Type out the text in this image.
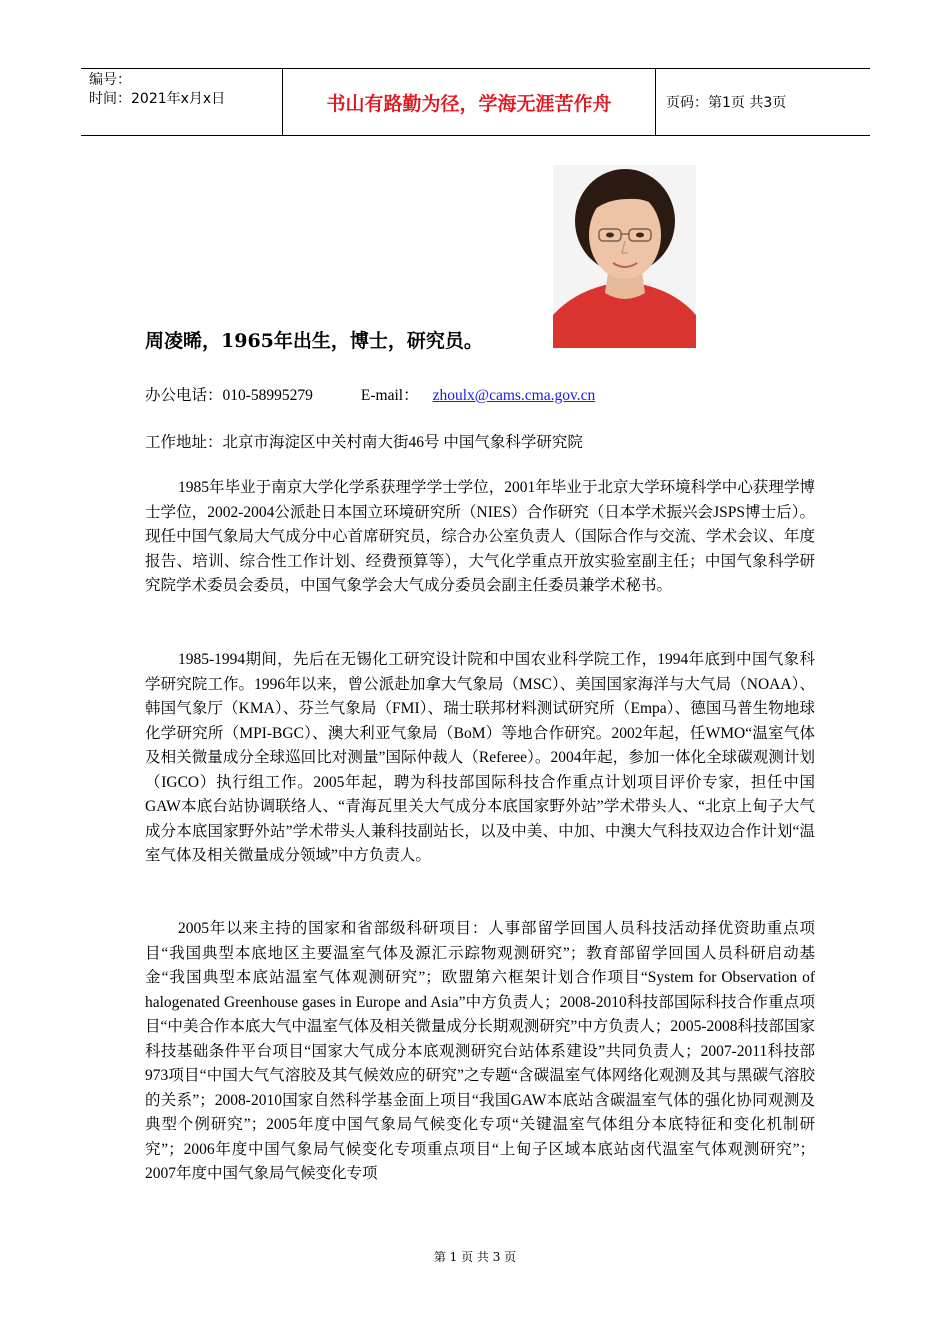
编号：
时间：2021年x月x日	书山有路勤为径，学海无涯苦作舟	页码：第1页 共3页
周凌晞，1965年出生，博士，研究员。
办公电话：010-58995279	E-mail： zhoulx@cams.cma.gov.cn
工作地址：北京市海淀区中关村南大街46号 中国气象科学研究院

1985年毕业于南京大学化学系获理学学士学位，2001年毕业于北京大学环境科学中心获理学博士学位，2002-2004公派赴日本国立环境研究所（NIES）合作研究（日本学术振兴会JSPS博士后）。现任中国气象局大气成分中心首席研究员，综合办公室负责人（国际合作与交流、学术会议、年度报告、培训、综合性工作计划、经费预算等），大气化学重点开放实验室副主任；中国气象科学研究院学术委员会委员，中国气象学会大气成分委员会副主任委员兼学术秘书。

1985-1994期间，先后在无锡化工研究设计院和中国农业科学院工作，1994年底到中国气象科学研究院工作。1996年以来，曾公派赴加拿大气象局（MSC）、美国国家海洋与大气局（NOAA）、韩国气象厅（KMA）、芬兰气象局（FMI）、瑞士联邦材料测试研究所（Empa）、德国马普生物地球化学研究所（MPI-BGC）、澳大利亚气象局（BoM）等地合作研究。2002年起，任WMO“温室气体及相关微量成分全球巡回比对测量”国际仲裁人（Referee）。2004年起，参加一体化全球碳观测计划（IGCO）执行组工作。2005年起，聘为科技部国际科技合作重点计划项目评价专家，担任中国GAW本底台站协调联络人、“青海瓦里关大气成分本底国家野外站”学术带头人、“北京上甸子大气成分本底国家野外站”学术带头人兼科技副站长，以及中美、中加、中澳大气科技双边合作计划“温室气体及相关微量成分领域”中方负责人。

2005年以来主持的国家和省部级科研项目：人事部留学回国人员科技活动择优资助重点项目“我国典型本底地区主要温室气体及源汇示踪物观测研究”；教育部留学回国人员科研启动基金“我国典型本底站温室气体观测研究”；欧盟第六框架计划合作项目“System for Observation of halogenated Greenhouse gases in Europe and Asia”中方负责人；2008-2010科技部国际科技合作重点项目“中美合作本底大气中温室气体及相关微量成分长期观测研究”中方负责人；2005-2008科技部国家科技基础条件平台项目“国家大气成分本底观测研究台站体系建设”共同负责人；2007-2011科技部973项目“中国大气气溶胶及其气候效应的研究”之专题“含碳温室气体网络化观测及其与黑碳气溶胶的关系”；2008-2010国家自然科学基金面上项目“我国GAW本底站含碳温室气体的强化协同观测及典型个例研究”；2005年度中国气象局气候变化专项“关键温室气体组分本底特征和变化机制研究”；2006年度中国气象局气候变化专项重点项目“上甸子区域本底站卤代温室气体观测研究”；2007年度中国气象局气候变化专项

第 1 页 共 3 页
